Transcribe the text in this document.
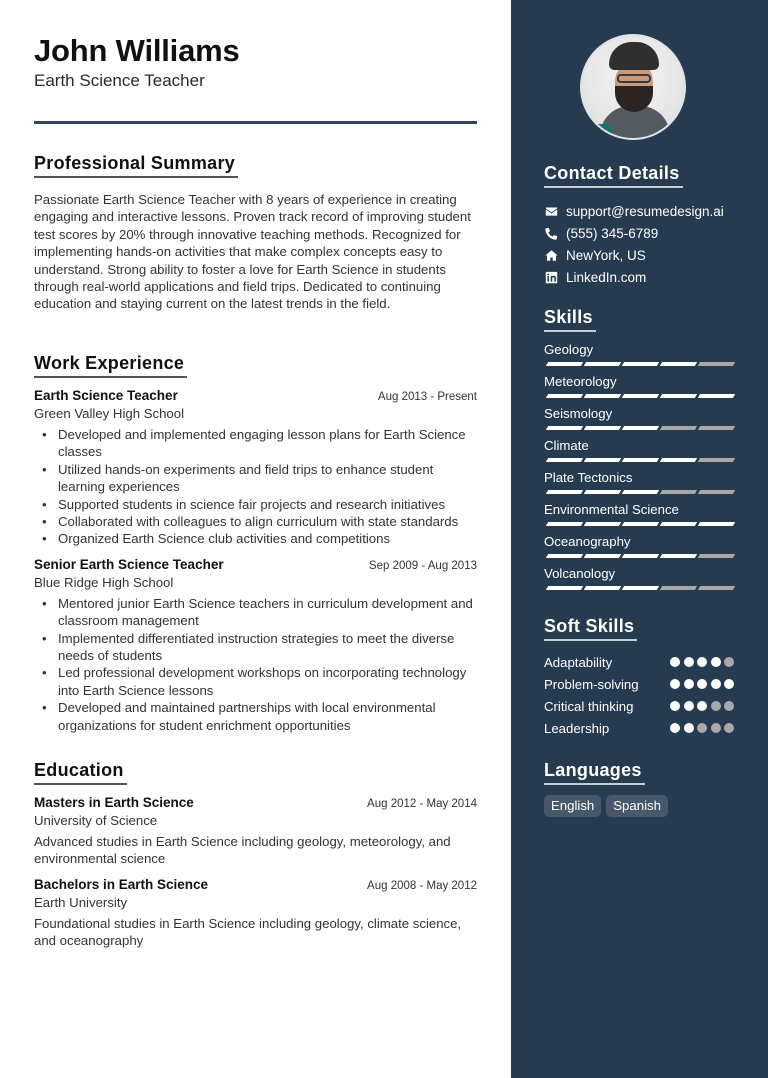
John Williams
Earth Science Teacher
Professional Summary

Passionate Earth Science Teacher with 8 years of experience in creating engaging and interactive lessons. Proven track record of improving student test scores by 20% through innovative teaching methods. Recognized for implementing hands-on activities that make complex concepts easy to understand. Strong ability to foster a love for Earth Science in students through real-world applications and field trips. Dedicated to continuing education and staying current on the latest trends in the field.

Work Experience
Earth Science Teacher	Aug 2013 - Present
Green Valley High School
• Developed and implemented engaging lesson plans for Earth Science classes
• Utilized hands-on experiments and field trips to enhance student learning experiences
• Supported students in science fair projects and research initiatives
• Collaborated with colleagues to align curriculum with state standards
• Organized Earth Science club activities and competitions
Senior Earth Science Teacher	Sep 2009 - Aug 2013
Blue Ridge High School
• Mentored junior Earth Science teachers in curriculum development and classroom management
• Implemented differentiated instruction strategies to meet the diverse needs of students
• Led professional development workshops on incorporating technology into Earth Science lessons
• Developed and maintained partnerships with local environmental organizations for student enrichment opportunities
Education
Masters in Earth Science	Aug 2012 - May 2014
University of Science

Advanced studies in Earth Science including geology, meteorology, and environmental science

Bachelors in Earth Science	Aug 2008 - May 2012
Earth University

Foundational studies in Earth Science including geology, climate science, and oceanography

Contact Details
support@resumedesign.ai
(555) 345-6789
NewYork, US
LinkedIn.com
Skills
Geology
Meteorology
Seismology
Climate
Plate Tectonics
Environmental Science
Oceanography
Volcanology
Soft Skills
Adaptability
Problem-solving
Critical thinking
Leadership
Languages
English	Spanish
